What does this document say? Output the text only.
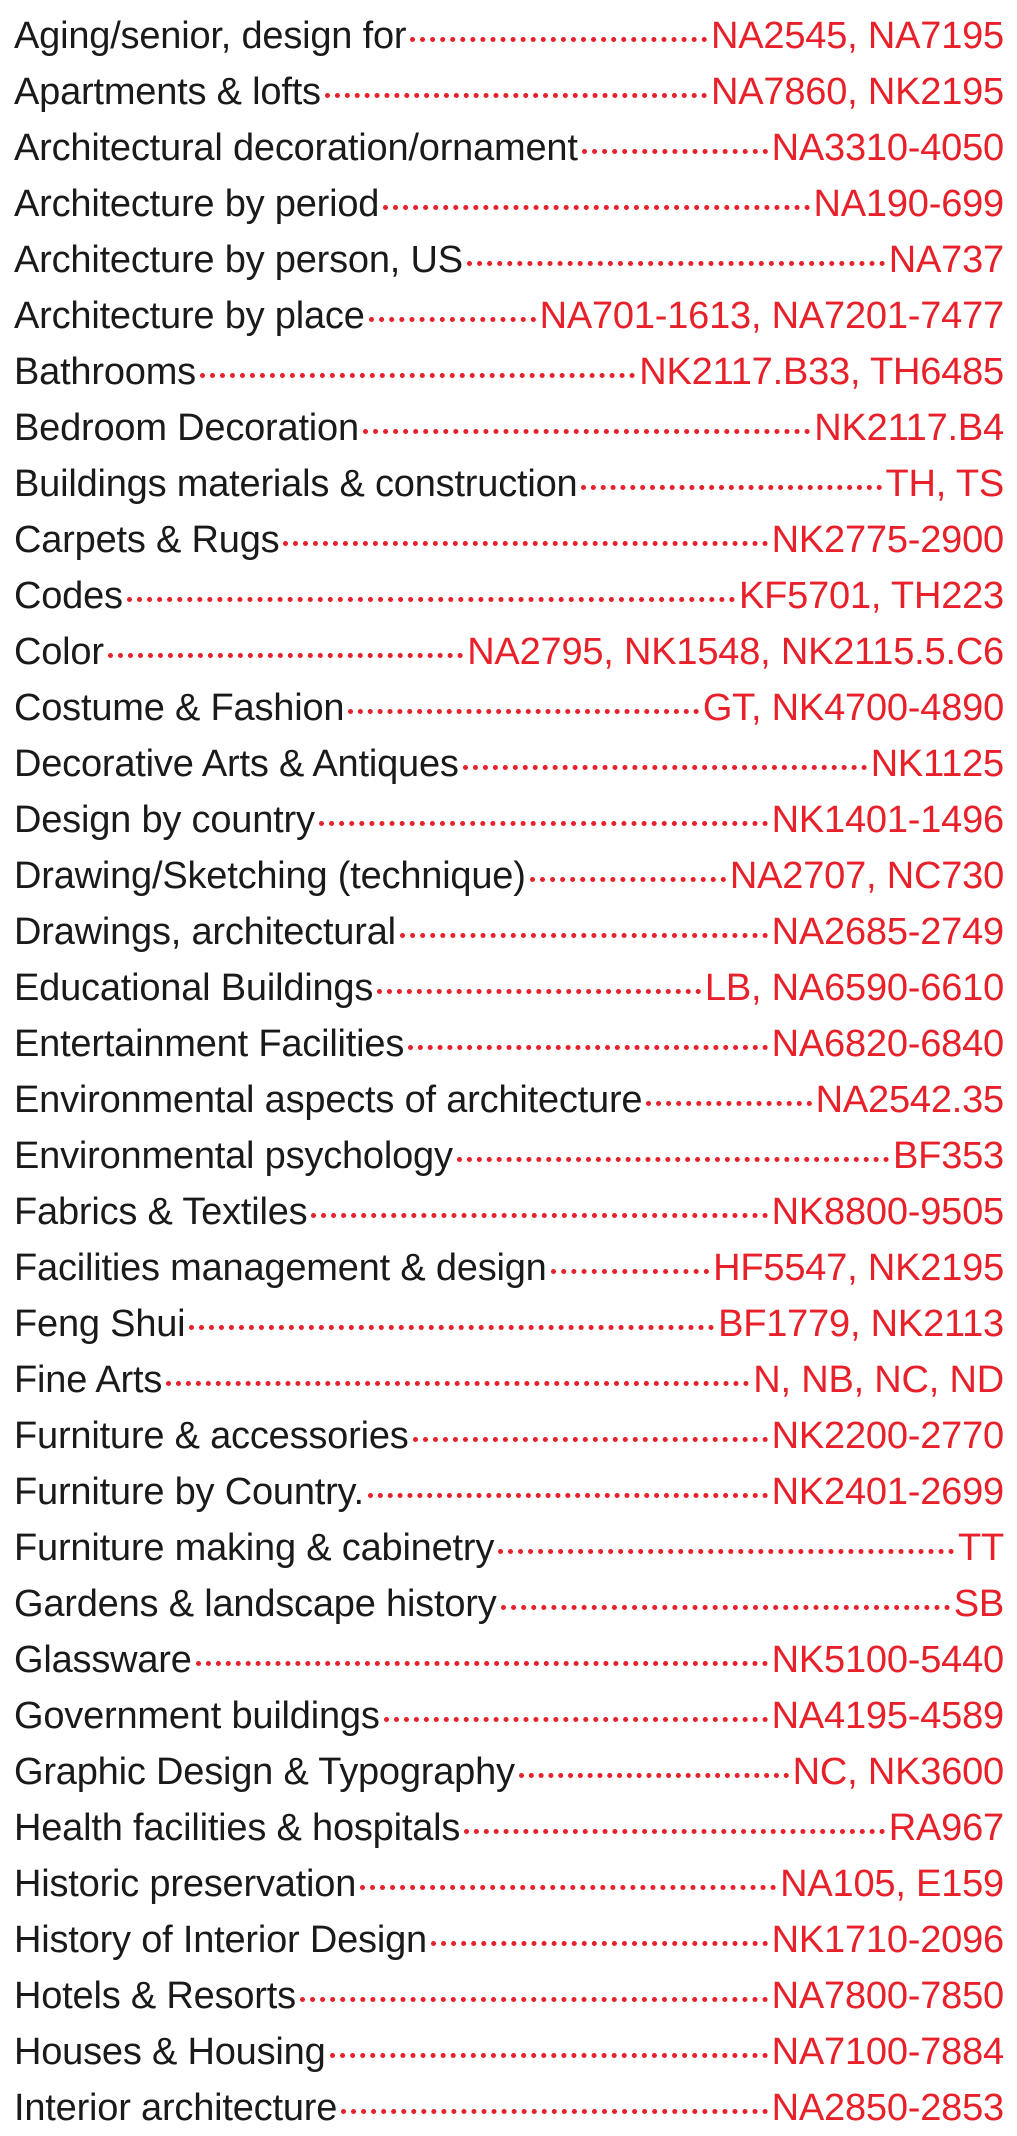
Aging/senior, design for	NA2545, NA7195
Apartments & lofts	NA7860, NK2195
Architectural decoration/ornament	NA3310-4050
Architecture by period	NA190-699
Architecture by person, US	NA737
Architecture by place	NA701-1613, NA7201-7477
Bathrooms	NK2117.B33, TH6485
Bedroom Decoration	NK2117.B4
Buildings materials & construction	TH, TS
Carpets & Rugs	NK2775-2900
Codes	KF5701, TH223
Color	NA2795, NK1548, NK2115.5.C6
Costume & Fashion	GT, NK4700-4890
Decorative Arts & Antiques	NK1125
Design by country	NK1401-1496
Drawing/Sketching (technique)	NA2707, NC730
Drawings, architectural	NA2685-2749
Educational Buildings	LB, NA6590-6610
Entertainment Facilities	NA6820-6840
Environmental aspects of architecture	NA2542.35
Environmental psychology	BF353
Fabrics & Textiles	NK8800-9505
Facilities management & design	HF5547, NK2195
Feng Shui	BF1779, NK2113
Fine Arts	N, NB, NC, ND
Furniture & accessories	NK2200-2770
Furniture by Country.	NK2401-2699
Furniture making & cabinetry	TT
Gardens & landscape history	SB
Glassware	NK5100-5440
Government buildings	NA4195-4589
Graphic Design & Typography	NC, NK3600
Health facilities & hospitals	RA967
Historic preservation	NA105, E159
History of Interior Design	NK1710-2096
Hotels & Resorts	NA7800-7850
Houses & Housing	NA7100-7884
Interior architecture	NA2850-2853
